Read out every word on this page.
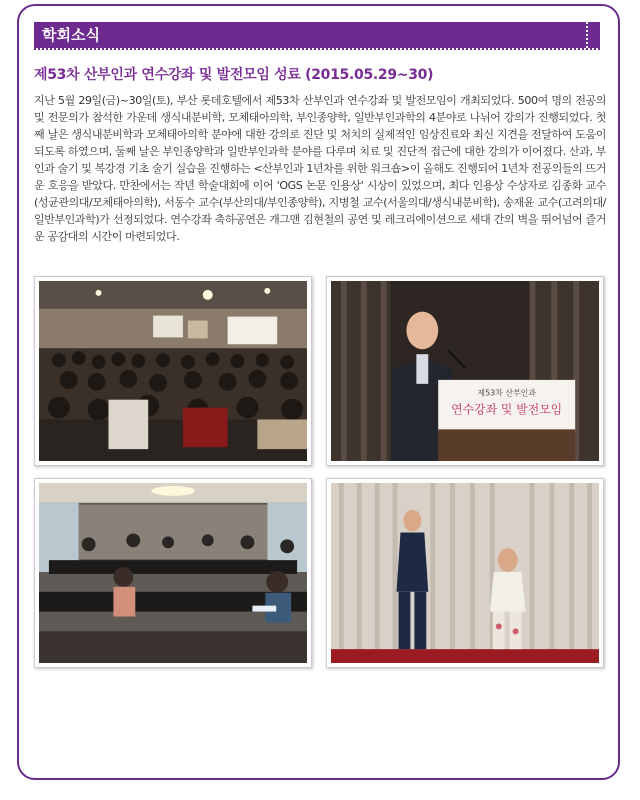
학회소식
제53차 산부인과 연수강좌 및 발전모임 성료 (2015.05.29~30)

지난 5월 29일(금)~30일(토), 부산 롯데호텔에서 제53차 산부인과 연수강좌 및 발전모임이 개최되었다. 500여 명의 전공의 및 전문의가 참석한 가운데 생식내분비학, 모체태아의학, 부인종양학, 일반부인과학의 4분야로 나뉘어 강의가 진행되었다. 첫째 날은 생식내분비학과 모체태아의학 분야에 대한 강의로 진단 및 처치의 실제적인 임상진료와 최신 지견을 전달하여 도움이 되도록 하였으며, 둘째 날은 부인종양학과 일반부인과학 분야를 다루며 치료 및 진단적 접근에 대한 강의가 이어졌다. 산과, 부인과 술기 및 복강경 기초 술기 실습을 진행하는 <산부인과 1년차를 위한 워크숍>이 올해도 진행되어 1년차 전공의들의 뜨거운 호응을 받았다. 만찬에서는 작년 학술대회에 이어 'OGS 논문 인용상' 시상이 있었으며, 최다 인용상 수상자로 김종화 교수(성균관의대/모체태아의학), 서동수 교수(부산의대/부인종양학), 지병철 교수(서울의대/생식내분비학), 송재윤 교수(고려의대/일반부인과학)가 선정되었다. 연수강좌 축하공연은 개그맨 김현철의 공연 및 레크리에이션으로 세대 간의 벽을 뛰어넘어 즐거운 공감대의 시간이 마련되었다.

제53차 산부인과
연수강좌 및 발전모임
